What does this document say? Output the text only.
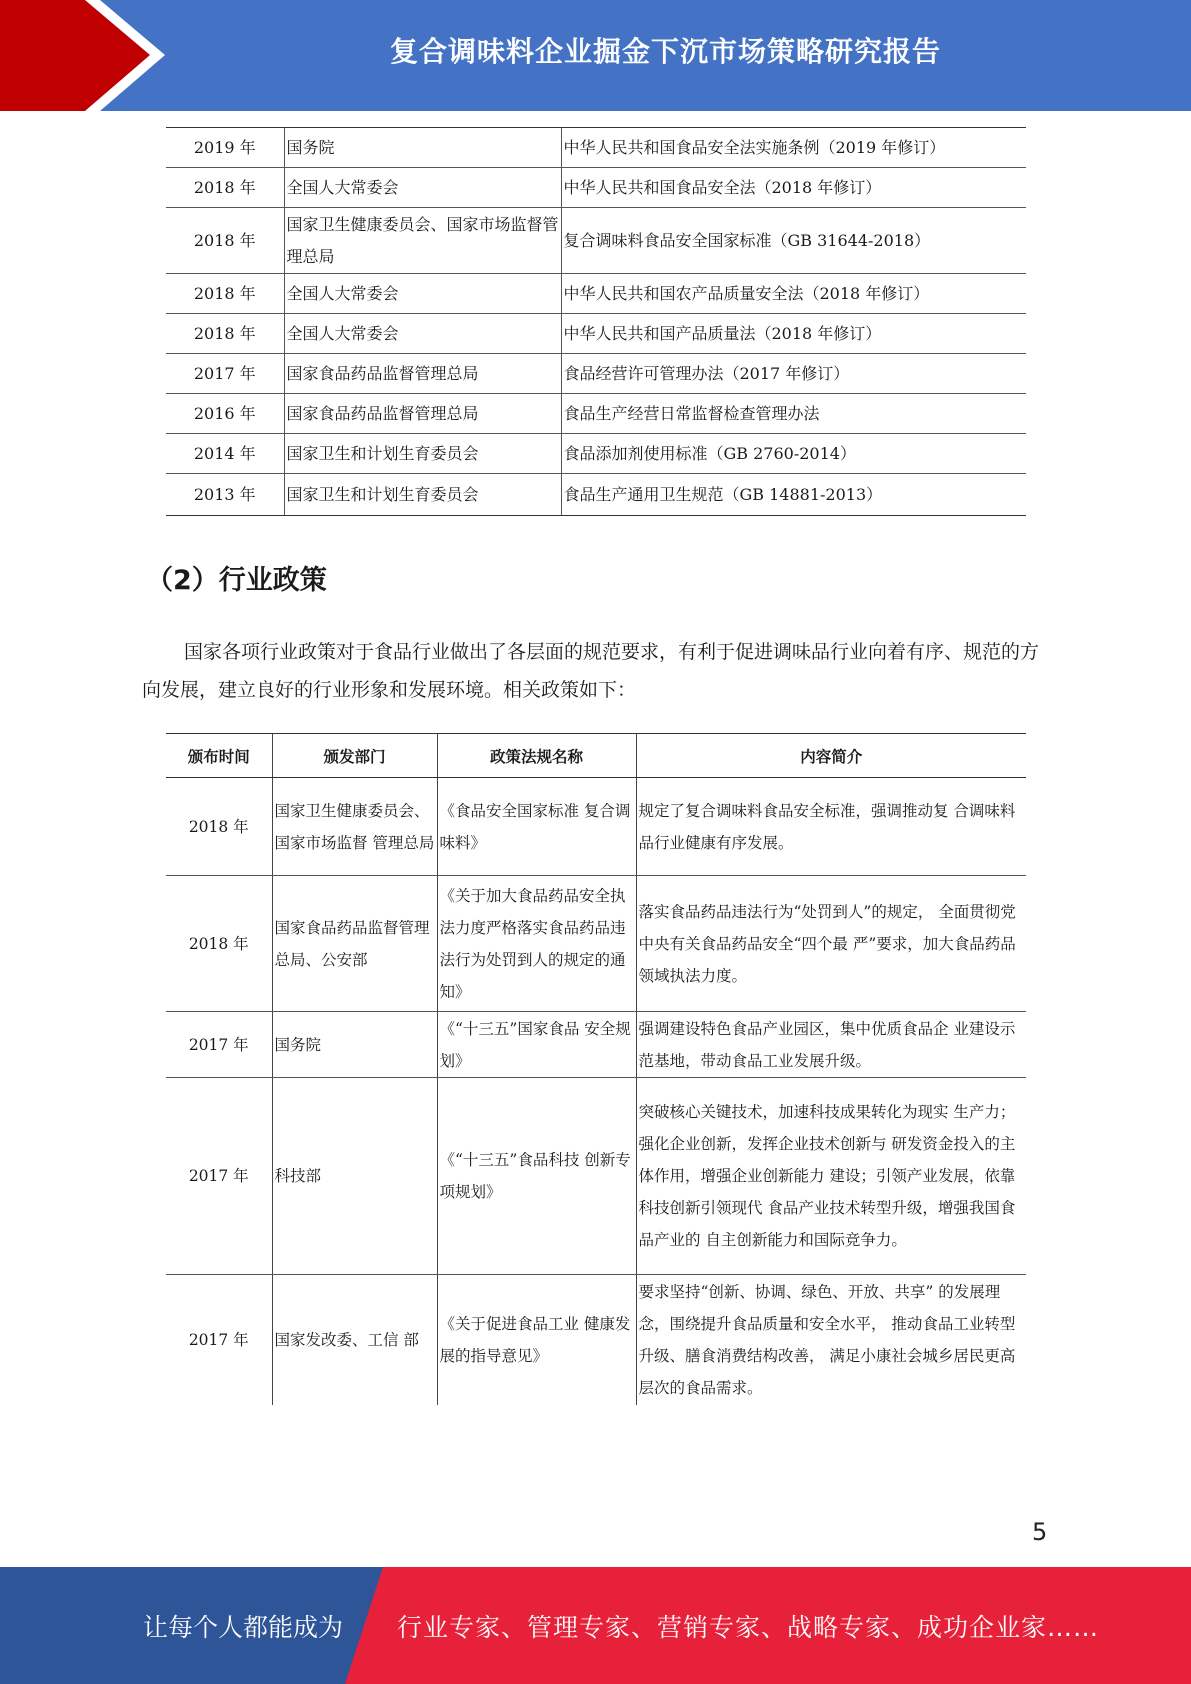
复合调味料企业掘金下沉市场策略研究报告
2019 年	国务院	中华人民共和国食品安全法实施条例（2019 年修订）
2018 年	全国人大常委会	中华人民共和国食品安全法（2018 年修订）
2018 年	国家卫生健康委员会、国家市场监督管理总局	复合调味料食品安全国家标准（GB 31644-2018）
2018 年	全国人大常委会	中华人民共和国农产品质量安全法（2018 年修订）
2018 年	全国人大常委会	中华人民共和国产品质量法（2018 年修订）
2017 年	国家食品药品监督管理总局	食品经营许可管理办法（2017 年修订）
2016 年	国家食品药品监督管理总局	食品生产经营日常监督检查管理办法
2014 年	国家卫生和计划生育委员会	食品添加剂使用标准（GB 2760-2014）
2013 年	国家卫生和计划生育委员会	食品生产通用卫生规范（GB 14881-2013）
（2）行业政策
国家各项行业政策对于食品行业做出了各层面的规范要求，有利于促进调味品行业向着有序、规范的方向发展，建立良好的行业形象和发展环境。相关政策如下：
颁布时间	颁发部门	政策法规名称	内容简介
2018 年	国家卫生健康委员会、国家市场监督 管理总局	《食品安全国家标准 复合调味料》	规定了复合调味料食品安全标准，强调推动复 合调味料品行业健康有序发展。
2018 年	国家食品药品监督管理总局、公安部	《关于加大食品药品安全执法力度严格落实食品药品违法行为处罚到人的规定的通知》	落实食品药品违法行为“处罚到人”的规定， 全面贯彻党中央有关食品药品安全“四个最 严”要求，加大食品药品领域执法力度。
2017 年	国务院	《“十三五”国家食品 安全规划》	强调建设特色食品产业园区，集中优质食品企 业建设示范基地，带动食品工业发展升级。
2017 年	科技部	《“十三五”食品科技 创新专项规划》	突破核心关键技术，加速科技成果转化为现实 生产力；强化企业创新，发挥企业技术创新与 研发资金投入的主体作用，增强企业创新能力 建设；引领产业发展，依靠科技创新引领现代 食品产业技术转型升级，增强我国食品产业的 自主创新能力和国际竞争力。
2017 年	国家发改委、工信 部	《关于促进食品工业 健康发展的指导意见》	要求坚持“创新、协调、绿色、开放、共享” 的发展理念，围绕提升食品质量和安全水平， 推动食品工业转型升级、膳食消费结构改善， 满足小康社会城乡居民更高层次的食品需求。
5
让每个人都能成为 行业专家、管理专家、营销专家、战略专家、成功企业家……
